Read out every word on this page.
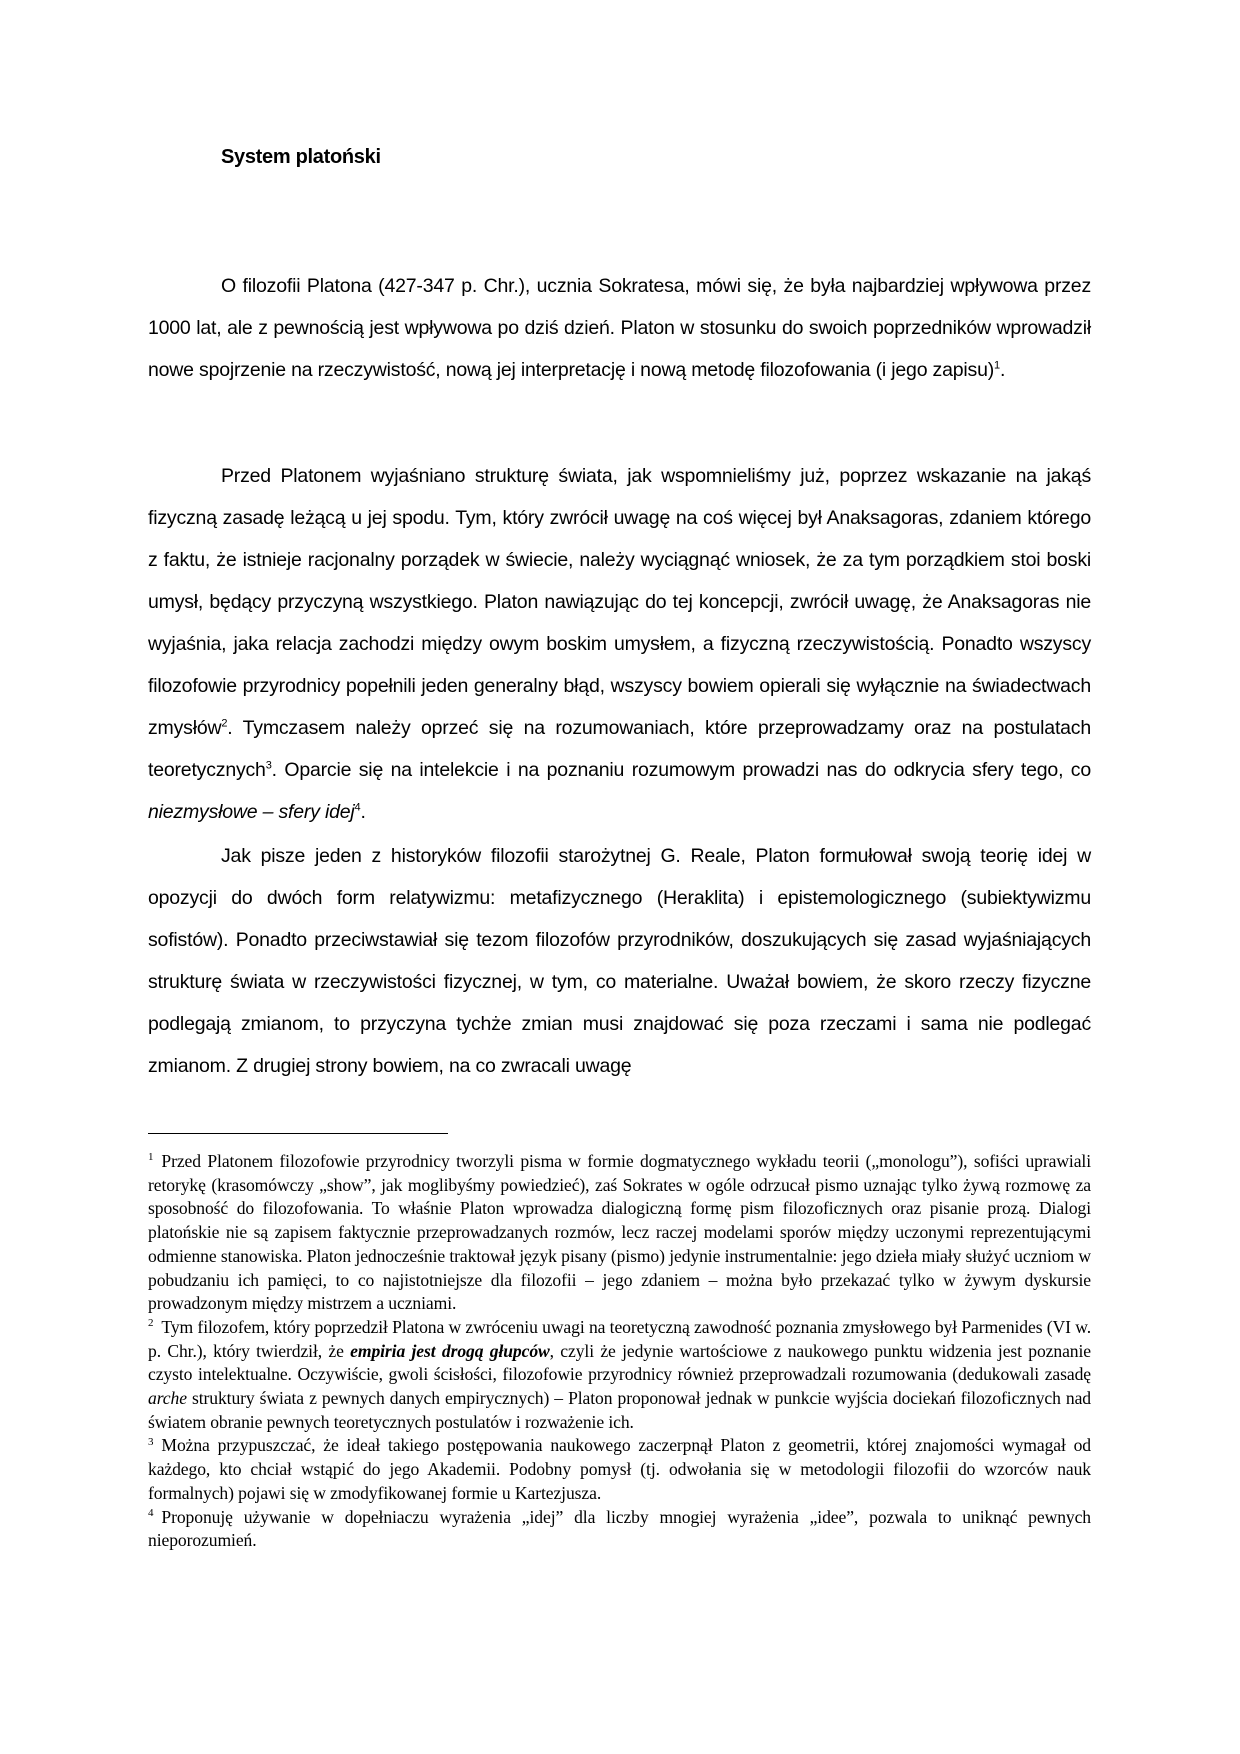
System platoński

O filozofii Platona (427-347 p. Chr.), ucznia Sokratesa, mówi się, że była najbardziej wpływowa przez 1000 lat, ale z pewnością jest wpływowa po dziś dzień. Platon w stosunku do swoich poprzedników wprowadził nowe spojrzenie na rzeczywistość, nową jej interpretację i nową metodę filozofowania (i jego zapisu)$^1$.

Przed Platonem wyjaśniano strukturę świata, jak wspomnieliśmy już, poprzez wskazanie na jakąś fizyczną zasadę leżącą u jej spodu. Tym, który zwrócił uwagę na coś więcej był Anaksagoras, zdaniem którego z faktu, że istnieje racjonalny porządek w świecie, należy wyciągnąć wniosek, że za tym porządkiem stoi boski umysł, będący przyczyną wszystkiego. Platon nawiązując do tej koncepcji, zwrócił uwagę, że Anaksagoras nie wyjaśnia, jaka relacja zachodzi między owym boskim umysłem, a fizyczną rzeczywistością. Ponadto wszyscy filozofowie przyrodnicy popełnili jeden generalny błąd, wszyscy bowiem opierali się wyłącznie na świadectwach zmysłów$^2$. Tymczasem należy oprzeć się na rozumowaniach, które przeprowadzamy oraz na postulatach teoretycznych$^3$. Oparcie się na intelekcie i na poznaniu rozumowym prowadzi nas do odkrycia sfery tego, co niezmysłowe – sfery idej$^4$.

Jak pisze jeden z historyków filozofii starożytnej G. Reale, Platon formułował swoją teorię idej w opozycji do dwóch form relatywizmu: metafizycznego (Heraklita) i epistemologicznego (subiektywizmu sofistów). Ponadto przeciwstawiał się tezom filozofów przyrodników, doszukujących się zasad wyjaśniających strukturę świata w rzeczywistości fizycznej, w tym, co materialne. Uważał bowiem, że skoro rzeczy fizyczne podlegają zmianom, to przyczyna tychże zmian musi znajdować się poza rzeczami i sama nie podlegać zmianom. Z drugiej strony bowiem, na co zwracali uwagę

$^1$ Przed Platonem filozofowie przyrodnicy tworzyli pisma w formie dogmatycznego wykładu teorii („monologu”), sofiści uprawiali retorykę (krasomówczy „show”, jak moglibyśmy powiedzieć), zaś Sokrates w ogóle odrzucał pismo uznając tylko żywą rozmowę za sposobność do filozofowania. To właśnie Platon wprowadza dialogiczną formę pism filozoficznych oraz pisanie prozą. Dialogi platońskie nie są zapisem faktycznie przeprowadzanych rozmów, lecz raczej modelami sporów między uczonymi reprezentującymi odmienne stanowiska. Platon jednocześnie traktował język pisany (pismo) jedynie instrumentalnie: jego dzieła miały służyć uczniom w pobudzaniu ich pamięci, to co najistotniejsze dla filozofii – jego zdaniem – można było przekazać tylko w żywym dyskursie prowadzonym między mistrzem a uczniami.

$^2$ Tym filozofem, który poprzedził Platona w zwróceniu uwagi na teoretyczną zawodność poznania zmysłowego był Parmenides (VI w. p. Chr.), który twierdził, że empiria jest drogą głupców, czyli że jedynie wartościowe z naukowego punktu widzenia jest poznanie czysto intelektualne. Oczywiście, gwoli ścisłości, filozofowie przyrodnicy również przeprowadzali rozumowania (dedukowali zasadę arche struktury świata z pewnych danych empirycznych) – Platon proponował jednak w punkcie wyjścia dociekań filozoficznych nad światem obranie pewnych teoretycznych postulatów i rozważenie ich.

$^3$ Można przypuszczać, że ideał takiego postępowania naukowego zaczerpnął Platon z geometrii, której znajomości wymagał od każdego, kto chciał wstąpić do jego Akademii. Podobny pomysł (tj. odwołania się w metodologii filozofii do wzorców nauk formalnych) pojawi się w zmodyfikowanej formie u Kartezjusza.

$^4$ Proponuję używanie w dopełniaczu wyrażenia „idej” dla liczby mnogiej wyrażenia „idee”, pozwala to uniknąć pewnych nieporozumień.
